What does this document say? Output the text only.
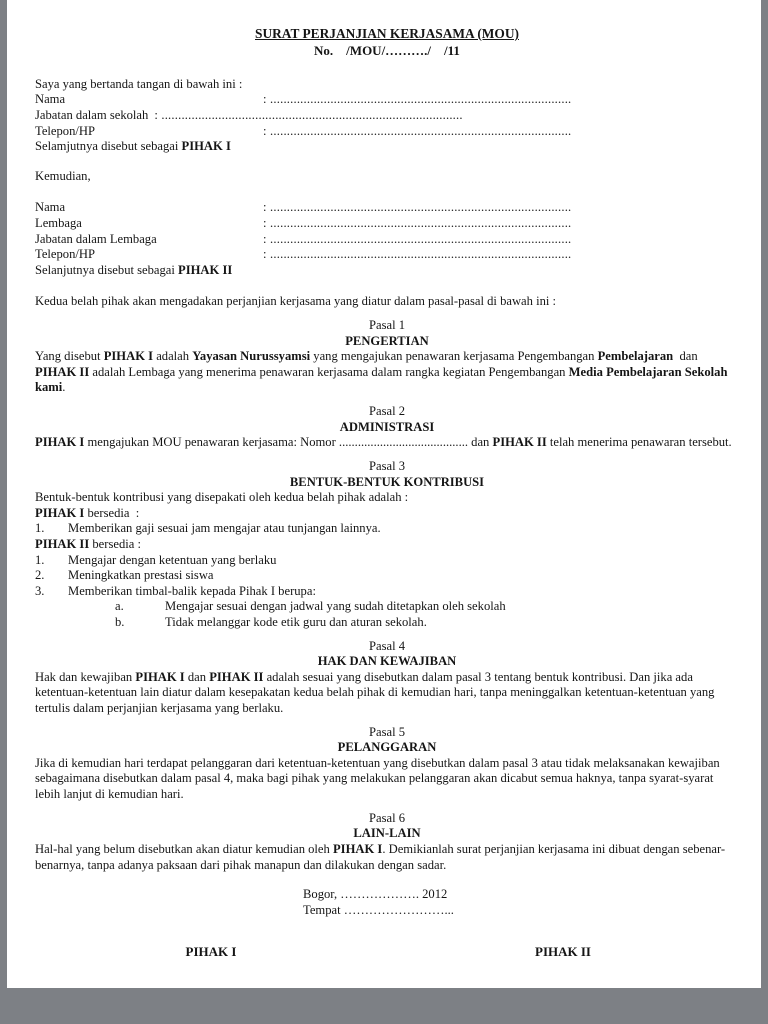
SURAT PERJANJIAN KERJASAMA (MOU)
No.    /MOU/………./    /11

Saya yang bertanda tangan di bawah ini :

Nama	: ..........................................................................................
Jabatan dalam sekolah : ..........................................................................................
Telepon/HP	: ..........................................................................................

Selamjutnya disebut sebagai PIHAK I

Kemudian,

Nama	: ..........................................................................................
Lembaga	: ..........................................................................................
Jabatan dalam Lembaga	: ..........................................................................................
Telepon/HP	: ..........................................................................................

Selanjutnya disebut sebagai PIHAK II

Kedua belah pihak akan mengadakan perjanjian kerjasama yang diatur dalam pasal-pasal di bawah ini :

Pasal 1
PENGERTIAN

Yang disebut PIHAK I adalah Yayasan Nurussyamsi yang mengajukan penawaran kerjasama Pengembangan Pembelajaran  dan PIHAK II adalah Lembaga yang menerima penawaran kerjasama dalam rangka kegiatan Pengembangan Media Pembelajaran Sekolah kami.

Pasal 2
ADMINISTRASI

PIHAK I mengajukan MOU penawaran kerjasama: Nomor ......................................... dan PIHAK II telah menerima penawaran tersebut.

Pasal 3
BENTUK-BENTUK KONTRIBUSI

Bentuk-bentuk kontribusi yang disepakati oleh kedua belah pihak adalah :

PIHAK I bersedia  :

1.	Memberikan gaji sesuai jam mengajar atau tunjangan lainnya.

PIHAK II bersedia :

1.	Mengajar dengan ketentuan yang berlaku
2.	Meningkatkan prestasi siswa
3.	Memberikan timbal-balik kepada Pihak I berupa:
a.	Mengajar sesuai dengan jadwal yang sudah ditetapkan oleh sekolah
b.	Tidak melanggar kode etik guru dan aturan sekolah.
Pasal 4
HAK DAN KEWAJIBAN

Hak dan kewajiban PIHAK I dan PIHAK II adalah sesuai yang disebutkan dalam pasal 3 tentang bentuk kontribusi. Dan jika ada ketentuan-ketentuan lain diatur dalam kesepakatan kedua belah pihak di kemudian hari, tanpa meninggalkan ketentuan-ketentuan yang tertulis dalam perjanjian kerjasama yang berlaku.

Pasal 5
PELANGGARAN

Jika di kemudian hari terdapat pelanggaran dari ketentuan-ketentuan yang disebutkan dalam pasal 3 atau tidak melaksanakan kewajiban sebagaimana disebutkan dalam pasal 4, maka bagi pihak yang melakukan pelanggaran akan dicabut semua haknya, tanpa syarat-syarat lebih lanjut di kemudian hari.

Pasal 6
LAIN-LAIN

Hal-hal yang belum disebutkan akan diatur kemudian oleh PIHAK I. Demikianlah surat perjanjian kerjasama ini dibuat dengan sebenar-benarnya, tanpa adanya paksaan dari pihak manapun dan dilakukan dengan sadar.

Bogor, ………………. 2012
Tempat ……………………...
PIHAK I	PIHAK II
